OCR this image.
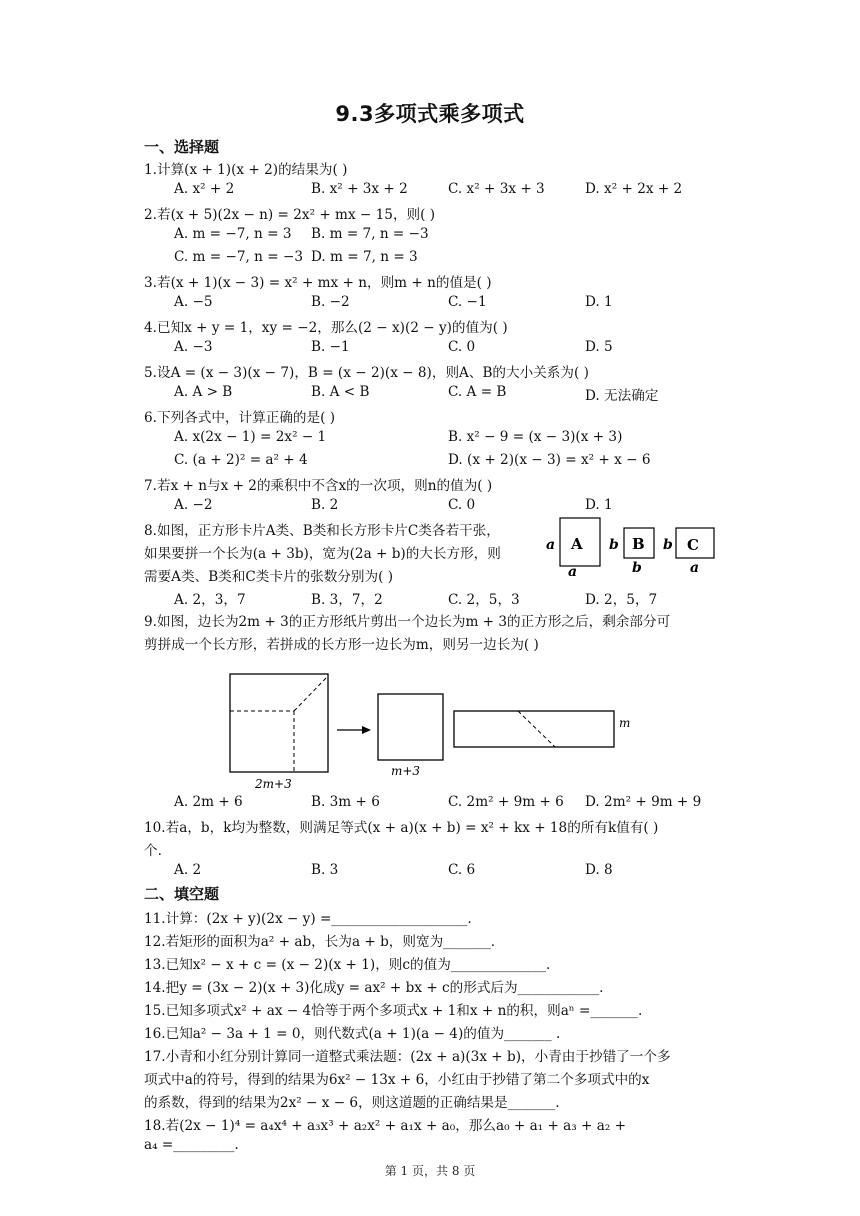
9.3多项式乘多项式
一、选择题
1.计算(x + 1)(x + 2)的结果为( )
A. x² + 2	B. x² + 3x + 2	C. x² + 3x + 3	D. x² + 2x + 2
2.若(x + 5)(2x − n) = 2x² + mx − 15，则( )
A. m = −7, n = 3 B. m = 7, n = −3
C. m = −7, n = −3 D. m = 7, n = 3
3.若(x + 1)(x − 3) = x² + mx + n，则m + n的值是( )
A. −5	B. −2	C. −1	D. 1
4.已知x + y = 1，xy = −2，那么(2 − x)(2 − y)的值为( )
A. −3	B. −1	C. 0	D. 5
5.设A = (x − 3)(x − 7)，B = (x − 2)(x − 8)，则A、B的大小关系为( )
A. A > B	B. A < B	C. A = B	D. 无法确定
6.下列各式中，计算正确的是( )
A. x(2x − 1) = 2x² − 1	B. x² − 9 = (x − 3)(x + 3)
C. (a + 2)² = a² + 4	D. (x + 2)(x − 3) = x² + x − 6
7.若x + n与x + 2的乘积中不含x的一次项，则n的值为( )
A. −2	B. 2	C. 0	D. 1
8.如图，正方形卡片A类、B类和长方形卡片C类各若干张，
如果要拼一个长为(a + 3b)，宽为(2a + b)的大长方形，则
需要A类、B类和C类卡片的张数分别为( )
A. 2，3，7	B. 3，7，2	C. 2，5，3	D. 2，5，7
a A
a
b B
b
b C
a
9.如图，边长为2m + 3的正方形纸片剪出一个边长为m + 3的正方形之后，剩余部分可
剪拼成一个长方形，若拼成的长方形一边长为m，则另一边长为( )
2m+3
m+3
m
A. 2m + 6	B. 3m + 6	C. 2m² + 9m + 6 D. 2m² + 9m + 9
10.若a，b，k均为整数，则满足等式(x + a)(x + b) = x² + kx + 18的所有k值有( )
个.
A. 2	B. 3	C. 6	D. 8
二、填空题
11.计算：(2x + y)(2x − y) =____________________.
12.若矩形的面积为a² + ab，长为a + b，则宽为_______.
13.已知x² − x + c = (x − 2)(x + 1)，则c的值为______________.
14.把y = (3x − 2)(x + 3)化成y = ax² + bx + c的形式后为____________.
15.已知多项式x² + ax − 4恰等于两个多项式x + 1和x + n的积，则aⁿ =_______.
16.已知a² − 3a + 1 = 0，则代数式(a + 1)(a − 4)的值为_______ .
17.小青和小红分别计算同一道整式乘法题：(2x + a)(3x + b)，小青由于抄错了一个多
项式中a的符号，得到的结果为6x² − 13x + 6，小红由于抄错了第二个多项式中的x
的系数，得到的结果为2x² − x − 6，则这道题的正确结果是_______.
18.若(2x − 1)⁴ = a₄x⁴ + a₃x³ + a₂x² + a₁x + a₀，那么a₀ + a₁ + a₃ + a₂ +
a₄ =_________.
第 1 页，共 8 页
